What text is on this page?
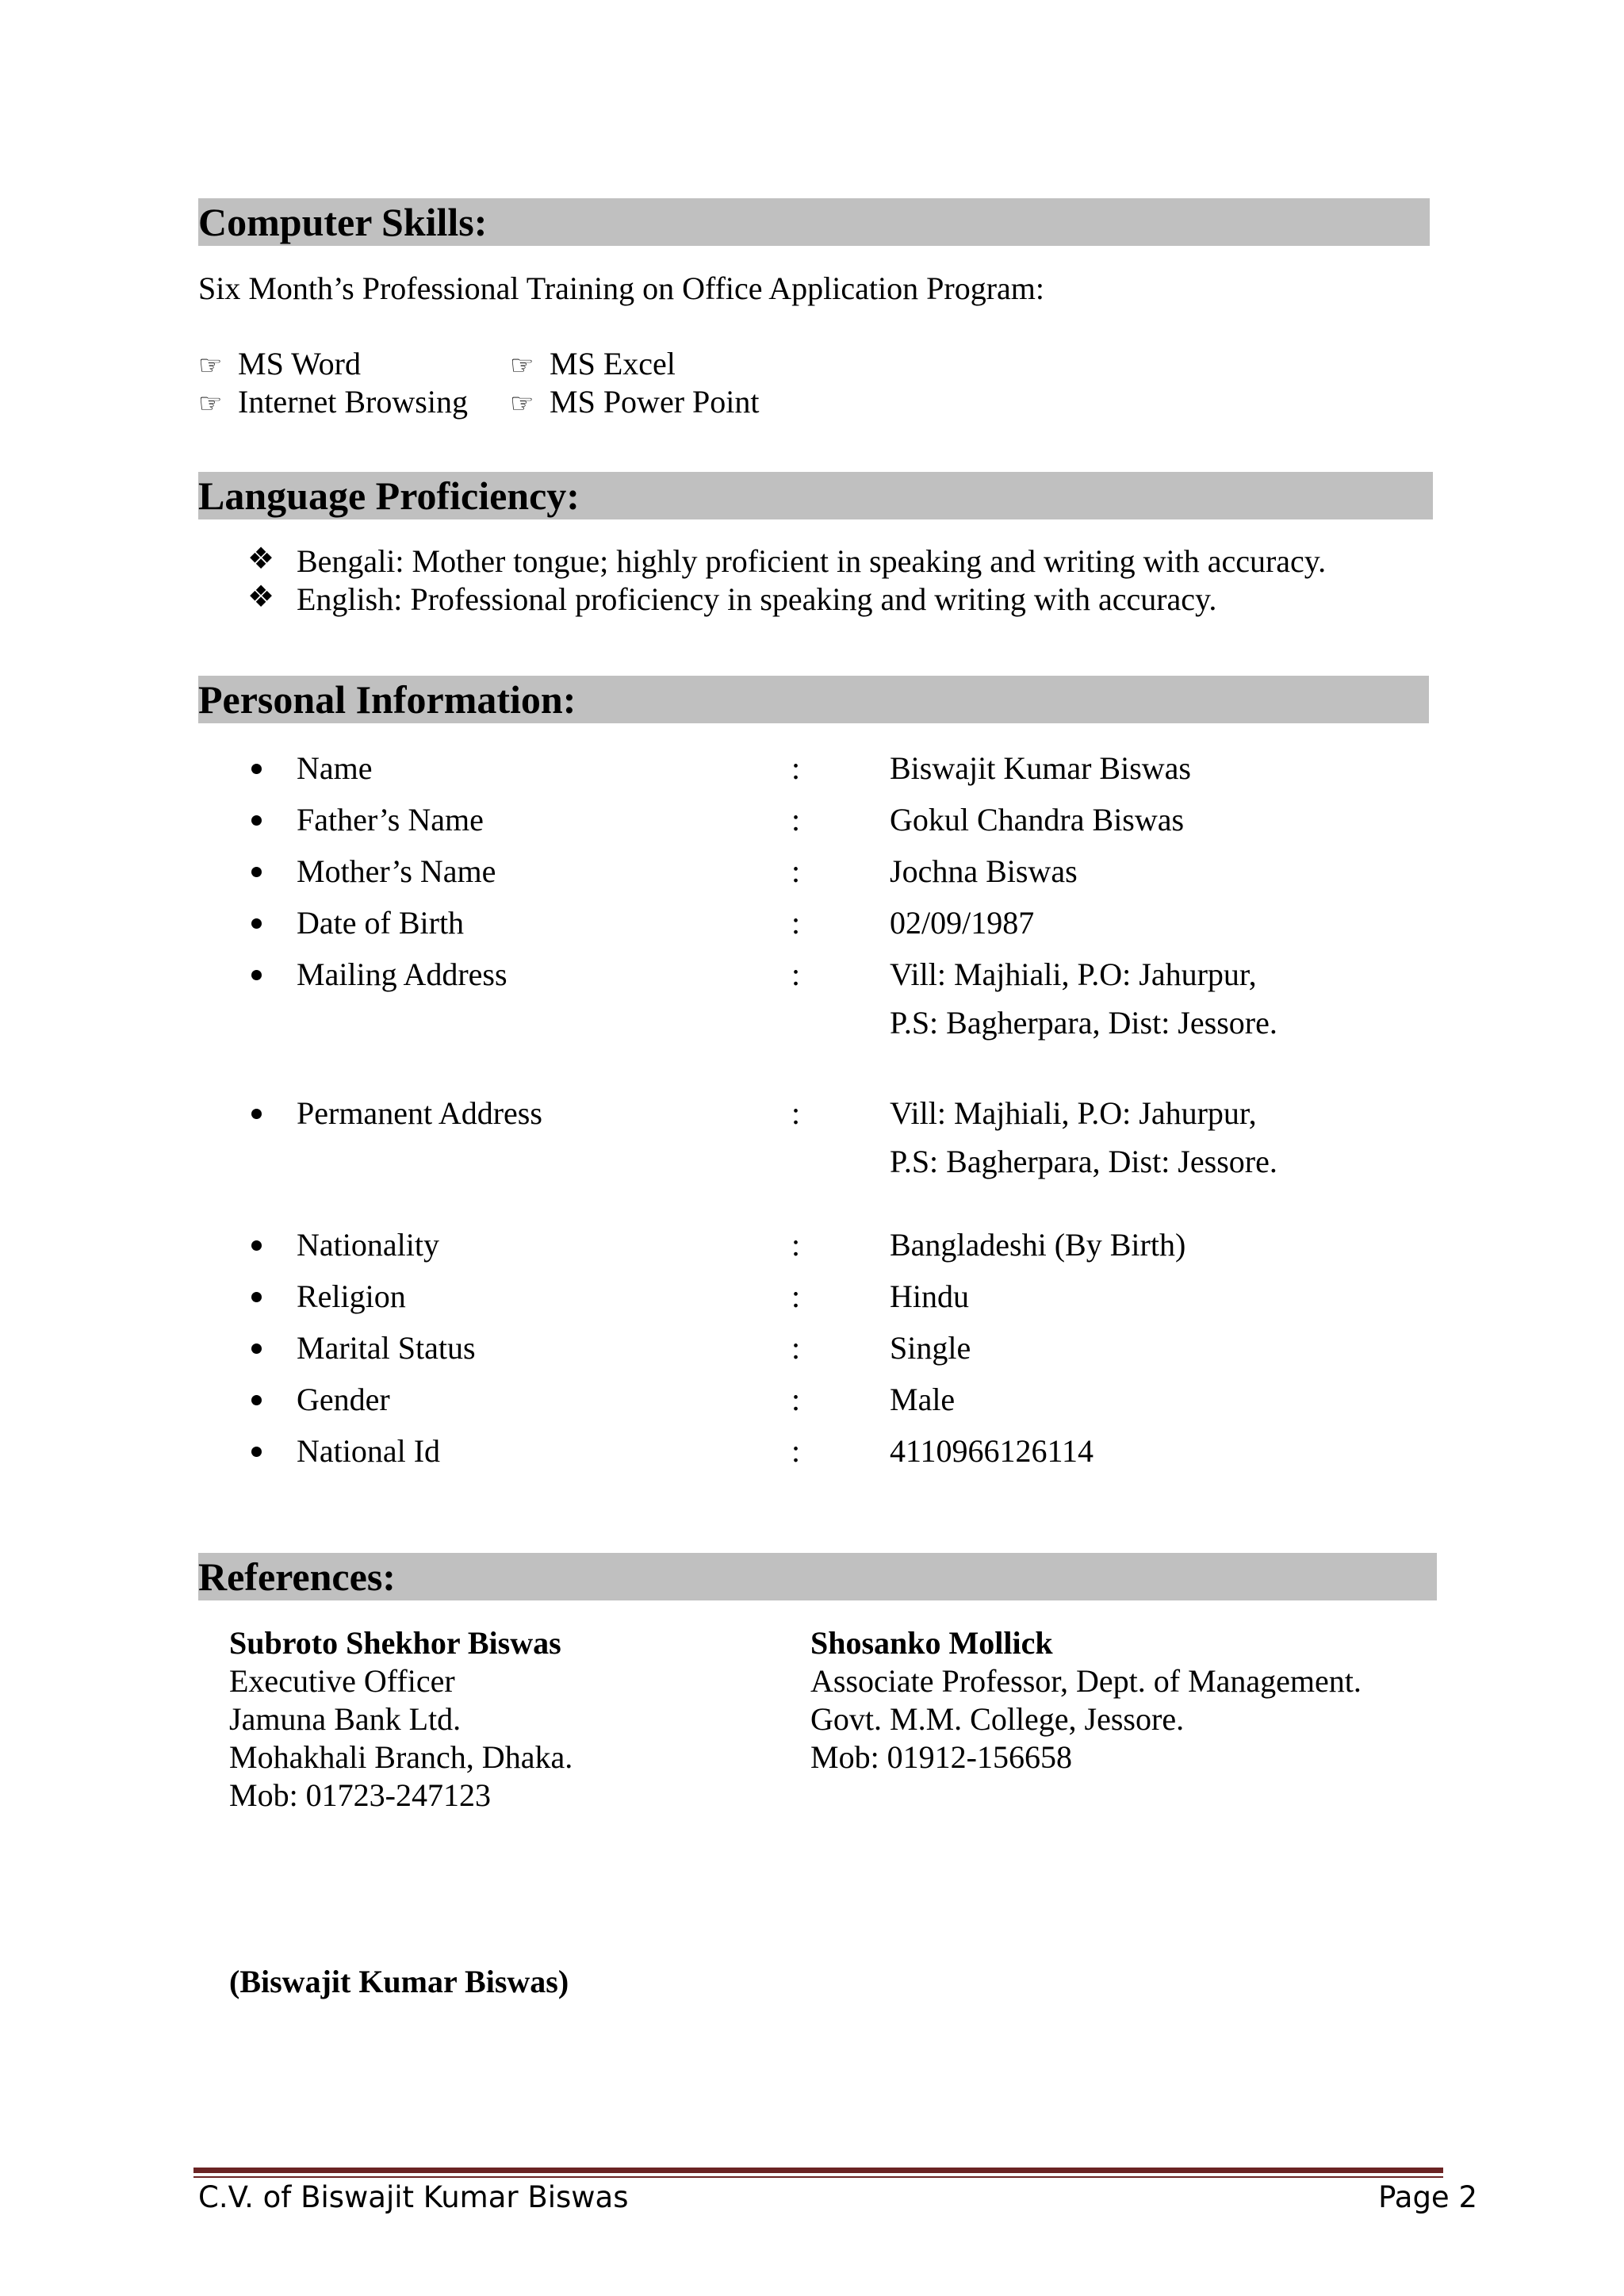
Computer Skills:
Six Month’s Professional Training on Office Application Program:
☞ MS Word	☞ MS Excel
☞ Internet Browsing ☞ MS Power Point
Language Proficiency:
❖ Bengali: Mother tongue; highly proficient in speaking and writing with accuracy.
❖ English: Professional proficiency in speaking and writing with accuracy.
Personal Information:
Name	:	Biswajit Kumar Biswas
Father’s Name	:	Gokul Chandra Biswas
Mother’s Name	:	Jochna Biswas
Date of Birth	:	02/09/1987
Mailing Address	:	Vill: Majhiali, P.O: Jahurpur,
P.S: Bagherpara, Dist: Jessore.
Permanent Address	:	Vill: Majhiali, P.O: Jahurpur,
P.S: Bagherpara, Dist: Jessore.
Nationality	:	Bangladeshi (By Birth)
Religion	:	Hindu
Marital Status	:	Single
Gender	:	Male
National Id	:	4110966126114
References:
Subroto Shekhor Biswas
Executive Officer
Jamuna Bank Ltd.
Mohakhali Branch, Dhaka.
Mob: 01723-247123
Shosanko Mollick
Associate Professor, Dept. of Management.
Govt. M.M. College, Jessore.
Mob: 01912-156658
(Biswajit Kumar Biswas)
C.V. of Biswajit Kumar Biswas	Page 2
